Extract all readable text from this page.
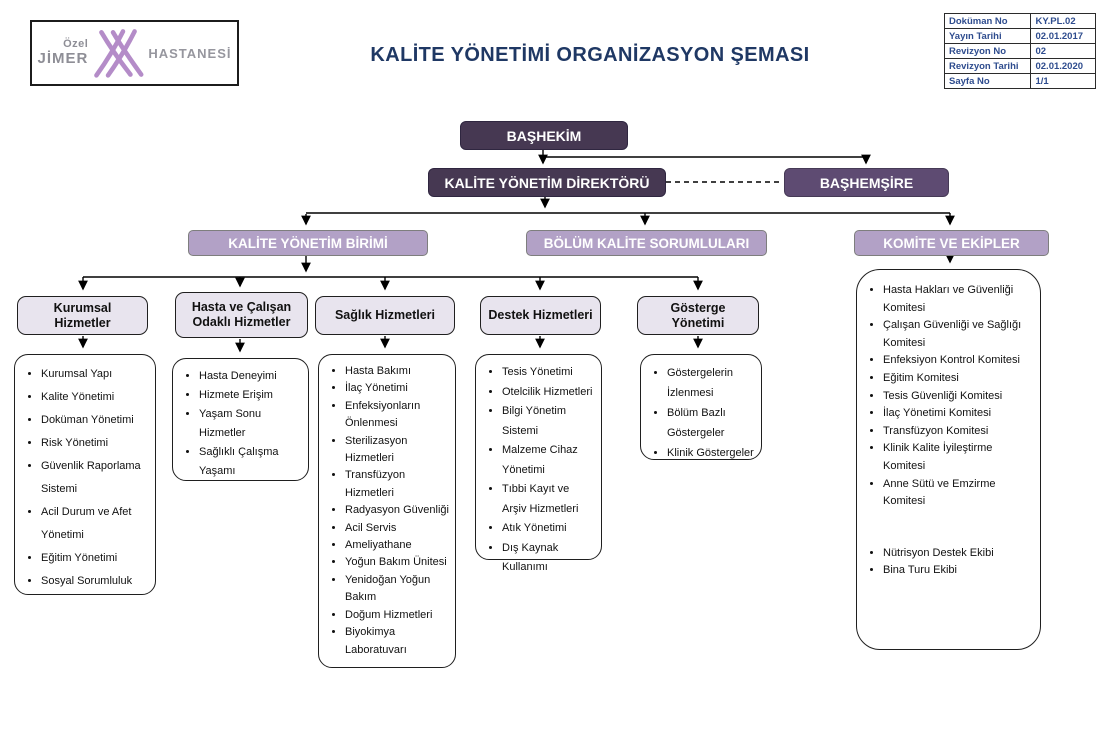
Özel
JİMER	HASTANESİ	KALİTE YÖNETİMİ ORGANİZASYON ŞEMASI
Doküman No	KY.PL.02
Yayın Tarihi	02.01.2017
Revizyon No	02
Revizyon Tarihi	02.01.2020
Sayfa No	1/1
BAŞHEKİM
KALİTE YÖNETİM DİREKTÖRÜ	BAŞHEMŞİRE
KALİTE YÖNETİM BİRİMİ	BÖLÜM KALİTE SORUMLULARI	KOMİTE VE EKİPLER
Kurumsal Hizmetler
Hasta ve Çalışan Odaklı Hizmetler	Sağlık Hizmetleri	Destek Hizmetleri
Gösterge Yönetimi
• Kurumsal Yapı
• Kalite Yönetimi
• Doküman Yönetimi
• Risk Yönetimi
• Güvenlik Raporlama Sistemi
• Acil Durum ve Afet Yönetimi
• Eğitim Yönetimi
• Sosyal Sorumluluk
• Hasta Deneyimi
• Hizmete Erişim
• Yaşam Sonu Hizmetler
• Sağlıklı Çalışma Yaşamı
• Hasta Bakımı
• İlaç Yönetimi
• Enfeksiyonların Önlenmesi
• Sterilizasyon Hizmetleri
• Transfüzyon Hizmetleri
• Radyasyon Güvenliği
• Acil Servis
• Ameliyathane
• Yoğun Bakım Ünitesi
• Yenidoğan Yoğun Bakım
• Doğum Hizmetleri
• Biyokimya Laboratuvarı
• Tesis Yönetimi
• Otelcilik Hizmetleri
• Bilgi Yönetim Sistemi
• Malzeme Cihaz Yönetimi
• Tıbbi Kayıt ve Arşiv Hizmetleri
• Atık Yönetimi
• Dış Kaynak Kullanımı
• Göstergelerin İzlenmesi
• Bölüm Bazlı Göstergeler
• Klinik Göstergeler
• Hasta Hakları ve Güvenliği Komitesi
• Çalışan Güvenliği ve Sağlığı Komitesi
• Enfeksiyon Kontrol Komitesi
• Eğitim Komitesi
• Tesis Güvenliği Komitesi
• İlaç Yönetimi Komitesi
• Transfüzyon Komitesi
• Klinik Kalite İyileştirme Komitesi
• Anne Sütü ve Emzirme Komitesi
• Nütrisyon Destek Ekibi
• Bina Turu Ekibi
